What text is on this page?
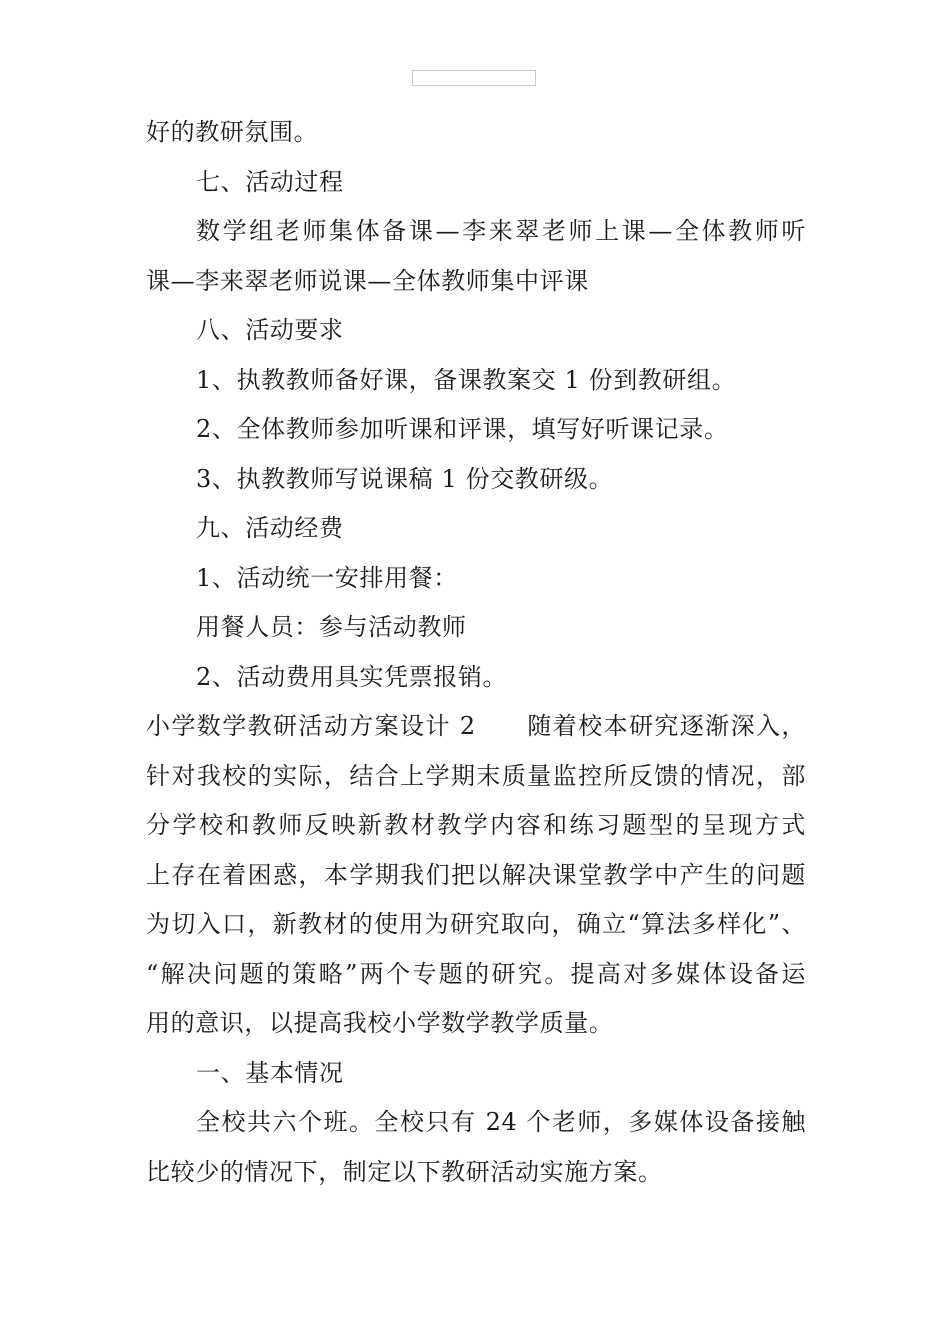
好的教研氛围。
七、活动过程
数学组老师集体备课—李来翠老师上课—全体教师听
课—李来翠老师说课—全体教师集中评课
八、活动要求
1、执教教师备好课，备课教案交 1 份到教研组。
2、全体教师参加听课和评课，填写好听课记录。
3、执教教师写说课稿 1 份交教研级。
九、活动经费
1、活动统一安排用餐：
用餐人员：参与活动教师
2、活动费用具实凭票报销。
小学数学教研活动方案设计 2　　随着校本研究逐渐深入，
针对我校的实际，结合上学期末质量监控所反馈的情况，部
分学校和教师反映新教材教学内容和练习题型的呈现方式
上存在着困惑，本学期我们把以解决课堂教学中产生的问题
为切入口，新教材的使用为研究取向，确立“算法多样化”、
“解决问题的策略”两个专题的研究。提高对多媒体设备运
用的意识，以提高我校小学数学教学质量。
一、基本情况
全校共六个班。全校只有 24 个老师，多媒体设备接触
比较少的情况下，制定以下教研活动实施方案。
